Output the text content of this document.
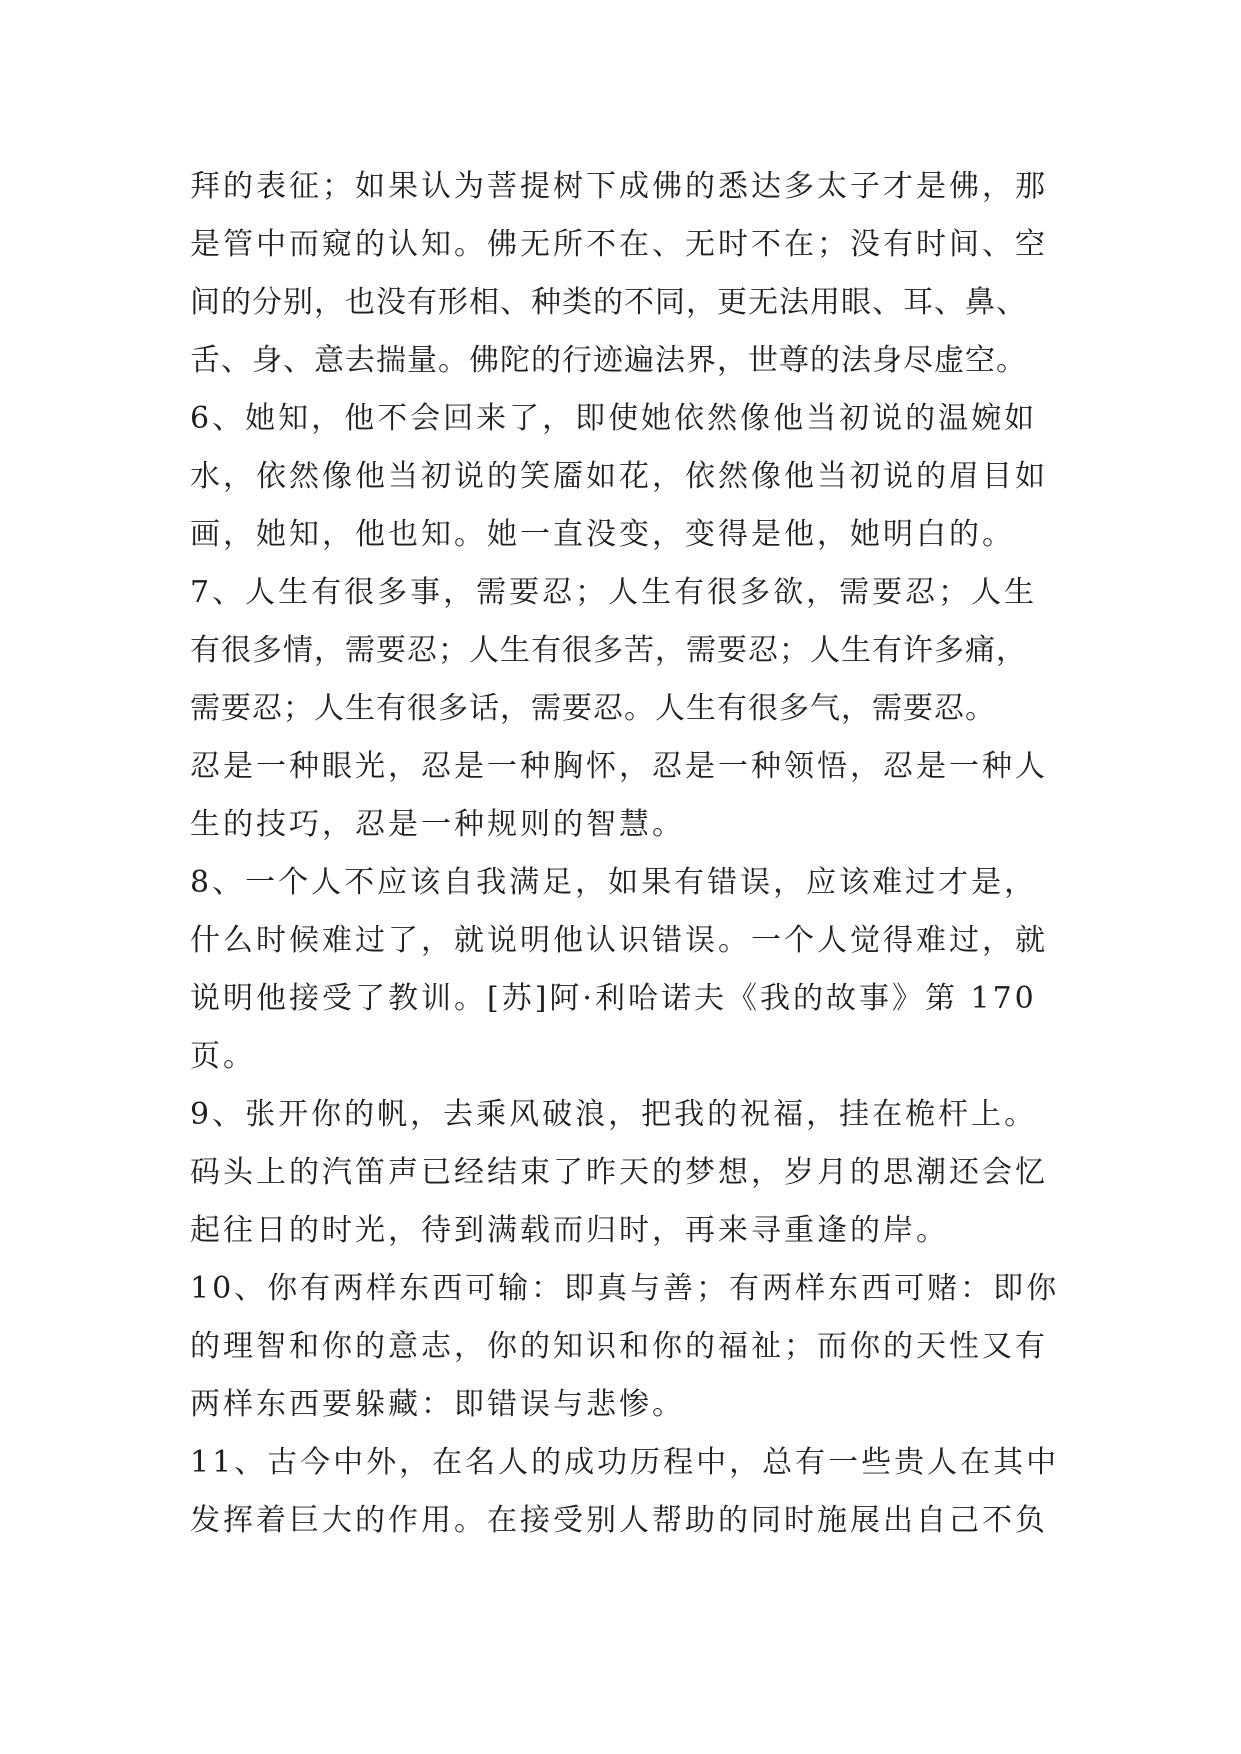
拜的表征；如果认为菩提树下成佛的悉达多太子才是佛，那
是管中而窥的认知。佛无所不在、无时不在；没有时间、空
间的分别，也没有形相、种类的不同，更无法用眼、耳、鼻、
舌、身、意去揣量。佛陀的行迹遍法界，世尊的法身尽虚空。
6、她知，他不会回来了，即使她依然像他当初说的温婉如
水，依然像他当初说的笑靥如花，依然像他当初说的眉目如
画，她知，他也知。她一直没变，变得是他，她明白的。
7、人生有很多事，需要忍；人生有很多欲，需要忍；人生
有很多情，需要忍；人生有很多苦，需要忍；人生有许多痛，
需要忍；人生有很多话，需要忍。人生有很多气，需要忍。
忍是一种眼光，忍是一种胸怀，忍是一种领悟，忍是一种人
生的技巧，忍是一种规则的智慧。
8、一个人不应该自我满足，如果有错误，应该难过才是，
什么时候难过了，就说明他认识错误。一个人觉得难过，就
说明他接受了教训。[苏]阿·利哈诺夫《我的故事》第 170
页。
9、张开你的帆，去乘风破浪，把我的祝福，挂在桅杆上。
码头上的汽笛声已经结束了昨天的梦想，岁月的思潮还会忆
起往日的时光，待到满载而归时，再来寻重逢的岸。
10、你有两样东西可输：即真与善；有两样东西可赌：即你
的理智和你的意志，你的知识和你的福祉；而你的天性又有
两样东西要躲藏：即错误与悲惨。
11、古今中外，在名人的成功历程中，总有一些贵人在其中
发挥着巨大的作用。在接受别人帮助的同时施展出自己不负
